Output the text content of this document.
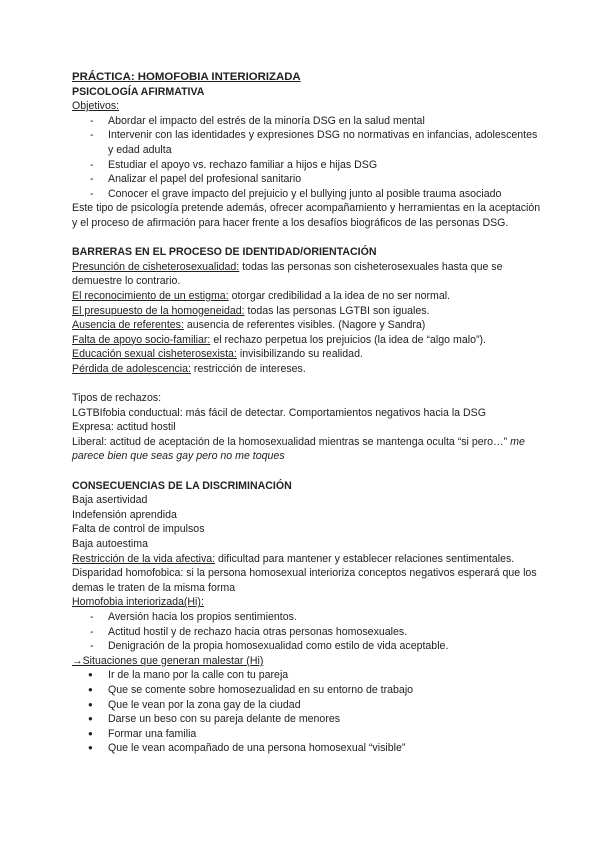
PRÁCTICA: HOMOFOBIA INTERIORIZADA
PSICOLOGÍA AFIRMATIVA
Objetivos:
- Abordar el impacto del estrés de la minoría DSG en la salud mental
- Intervenir con las identidades y expresiones DSG no normativas en infancias, adolescentes y edad adulta
- Estudiar el apoyo vs. rechazo familiar a hijos e hijas DSG
- Analizar el papel del profesional sanitario
- Conocer el grave impacto del prejuicio y el bullying junto al posible trauma asociado

Este tipo de psicología pretende además, ofrecer acompañamiento y herramientas en la aceptación y el proceso de afirmación para hacer frente a los desafíos biográficos de las personas DSG.

BARRERAS EN EL PROCESO DE IDENTIDAD/ORIENTACIÓN

Presunción de cisheterosexualidad: todas las personas son cisheterosexuales hasta que se demuestre lo contrario.

El reconocimiento de un estigma: otorgar credibilidad a la idea de no ser normal.

El presupuesto de la homogeneidad: todas las personas LGTBI son iguales.

Ausencia de referentes: ausencia de referentes visibles. (Nagore y Sandra)

Falta de apoyo socio-familiar: el rechazo perpetua los prejuicios (la idea de “algo malo”).

Educación sexual cisheterosexista: invisibilizando su realidad.

Pérdida de adolescencia: restricción de intereses.

Tipos de rechazos:

LGTBIfobia conductual: más fácil de detectar. Comportamientos negativos hacia la DSG

Expresa: actitud hostil

Liberal: actitud de aceptación de la homosexualidad mientras se mantenga oculta “si pero…” me parece bien que seas gay pero no me toques

CONSECUENCIAS DE LA DISCRIMINACIÓN

Baja asertividad

Indefensión aprendida

Falta de control de impulsos

Baja autoestima

Restricción de la vida afectiva: dificultad para mantener y establecer relaciones sentimentales. Disparidad homofobica: si la persona homosexual interioriza conceptos negativos esperará que los demas le traten de la misma forma

Homofobia interiorizada(Hi):
- Aversión hacia los propios sentimientos.
- Actitud hostil y de rechazo hacia otras personas homosexuales.
- Denigración de la propia homosexualidad como estilo de vida aceptable.
→Situaciones que generan malestar (Hi)
● Ir de la mano por la calle con tu pareja
● Que se comente sobre homosezualidad en su entorno de trabajo
● Que le vean por la zona gay de la ciudad
● Darse un beso con su pareja delante de menores
● Formar una familia
● Que le vean acompañado de una persona homosexual “visible”
